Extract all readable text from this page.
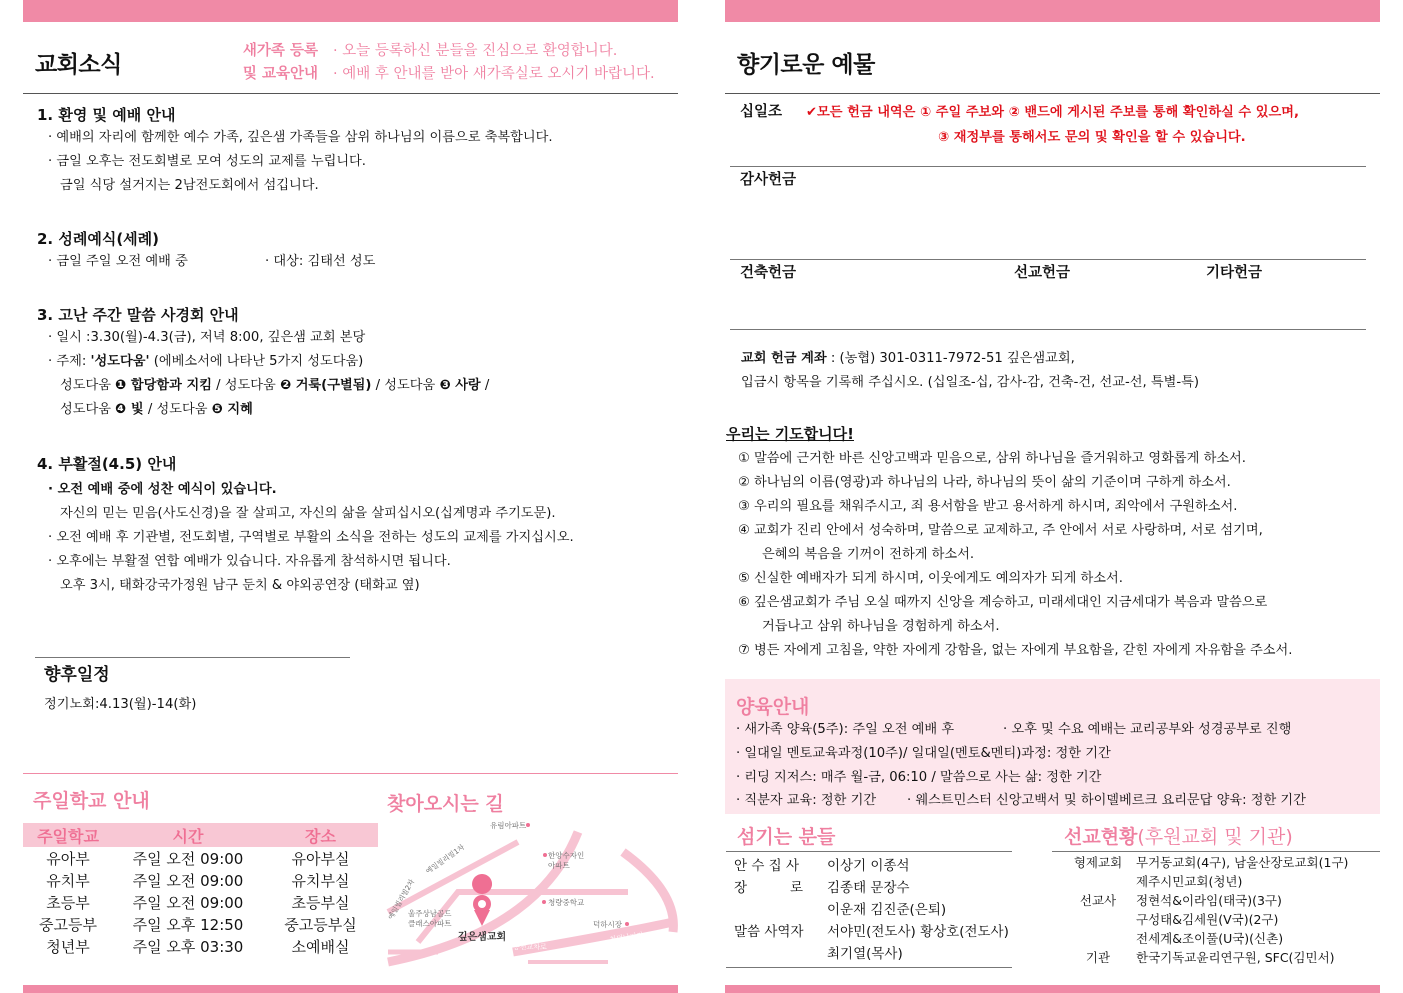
교회소식
새가족 등록
및 교육안내
· 오늘 등록하신 분들을 진심으로 환영합니다.
· 예배 후 안내를 받아 새가족실로 오시기 바랍니다.
1. 환영 및 예배 안내
· 예배의 자리에 함께한 예수 가족, 깊은샘 가족들을 삼위 하나님의 이름으로 축복합니다.
· 금일 오후는 전도회별로 모여 성도의 교제를 누립니다.
금일 식당 설거지는 2남전도회에서 섬깁니다.
2. 성례예식(세례)
· 금일 주일 오전 예배 중	· 대상: 김태선 성도
3. 고난 주간 말씀 사경회 안내
· 일시 :3.30(월)-4.3(금), 저녁 8:00, 깊은샘 교회 본당
· 주제: '성도다움' (에베소서에 나타난 5가지 성도다움)
성도다움 ❶ 합당함과 지킴 / 성도다움 ❷ 거룩(구별됨) / 성도다움 ❸ 사랑 /
성도다움 ❹ 빛 / 성도다움 ❺ 지혜
4. 부활절(4.5) 안내
· 오전 예배 중에 성찬 예식이 있습니다.
자신의 믿는 믿음(사도신경)을 잘 살피고, 자신의 삶을 살피십시오(십계명과 주기도문).
· 오전 예배 후 기관별, 전도회별, 구역별로 부활의 소식을 전하는 성도의 교제를 가지십시오.
· 오후에는 부활절 연합 예배가 있습니다. 자유롭게 참석하시면 됩니다.
오후 3시, 태화강국가정원 남구 둔치 & 야외공연장 (태화교 옆)
향후일정
정기노회:4.13(월)-14(화)
주일학교 안내
주일학교	시간	장소
유아부	주일 오전 09:00	유아부실
유치부	주일 오전 09:00	유치부실
초등부	주일 오전 09:00	초등부실
중고등부	주일 오후 12:50	중고등부실
청년부	주일 오후 03:30	소예배실
찾아오시는 길
깊은샘교회
유림아파트
한양수자인 아파트
청량중학교
덕하시장
예일빌리빌1차
예일빌리빌2차
울주상남골드 클래스아파트
청덕남거리
동천교차로
향기로운 예물
십일조 ✔모든 헌금 내역은 ① 주일 주보와 ② 밴드에 게시된 주보를 통해 확인하실 수 있으며,
③ 재정부를 통해서도 문의 및 확인을 할 수 있습니다.
감사헌금
건축헌금	선교헌금	기타헌금
교회 헌금 계좌 : (농협) 301-0311-7972-51 깊은샘교회,
입금시 항목을 기록해 주십시오. (십일조-십, 감사-감, 건축-건, 선교-선, 특별-특)
우리는 기도합니다!
① 말씀에 근거한 바른 신앙고백과 믿음으로, 삼위 하나님을 즐거워하고 영화롭게 하소서.
② 하나님의 이름(영광)과 하나님의 나라, 하나님의 뜻이 삶의 기준이며 구하게 하소서.
③ 우리의 필요를 채워주시고, 죄 용서함을 받고 용서하게 하시며, 죄악에서 구원하소서.
④ 교회가 진리 안에서 성숙하며, 말씀으로 교제하고, 주 안에서 서로 사랑하며, 서로 섬기며,
은혜의 복음을 기꺼이 전하게 하소서.
⑤ 신실한 예배자가 되게 하시며, 이웃에게도 예의자가 되게 하소서.
⑥ 깊은샘교회가 주님 오실 때까지 신앙을 계승하고, 미래세대인 지금세대가 복음과 말씀으로
거듭나고 삼위 하나님을 경험하게 하소서.
⑦ 병든 자에게 고침을, 약한 자에게 강함을, 없는 자에게 부요함을, 갇힌 자에게 자유함을 주소서.
양육안내
· 새가족 양육(5주): 주일 오전 예배 후	· 오후 및 수요 예배는 교리공부와 성경공부로 진행
· 일대일 멘토교육과정(10주)/ 일대일(멘토&멘티)과정: 정한 기간
· 리딩 지저스: 매주 월-금, 06:10 / 말씀으로 사는 삶: 정한 기간
· 직분자 교육: 정한 기간 · 웨스트민스터 신앙고백서 및 하이델베르크 요리문답 양육: 정한 기간
섬기는 분들
안 수 집 사 이상기 이종석
장          로 김종태 문장수
이운재 김진준(은퇴)
말씀 사역자 서야민(전도사) 황상호(전도사)
최기열(목사)
선교현황(후원교회 및 기관)
형제교회 무거동교회(4구), 남울산장로교회(1구)
제주시민교회(청년)
선교사 정현석&이라임(태국)(3구)
구성태&김세원(V국)(2구)
전세계&조이풀(U국)(신촌)
기관 한국기독교윤리연구원, SFC(김민서)
